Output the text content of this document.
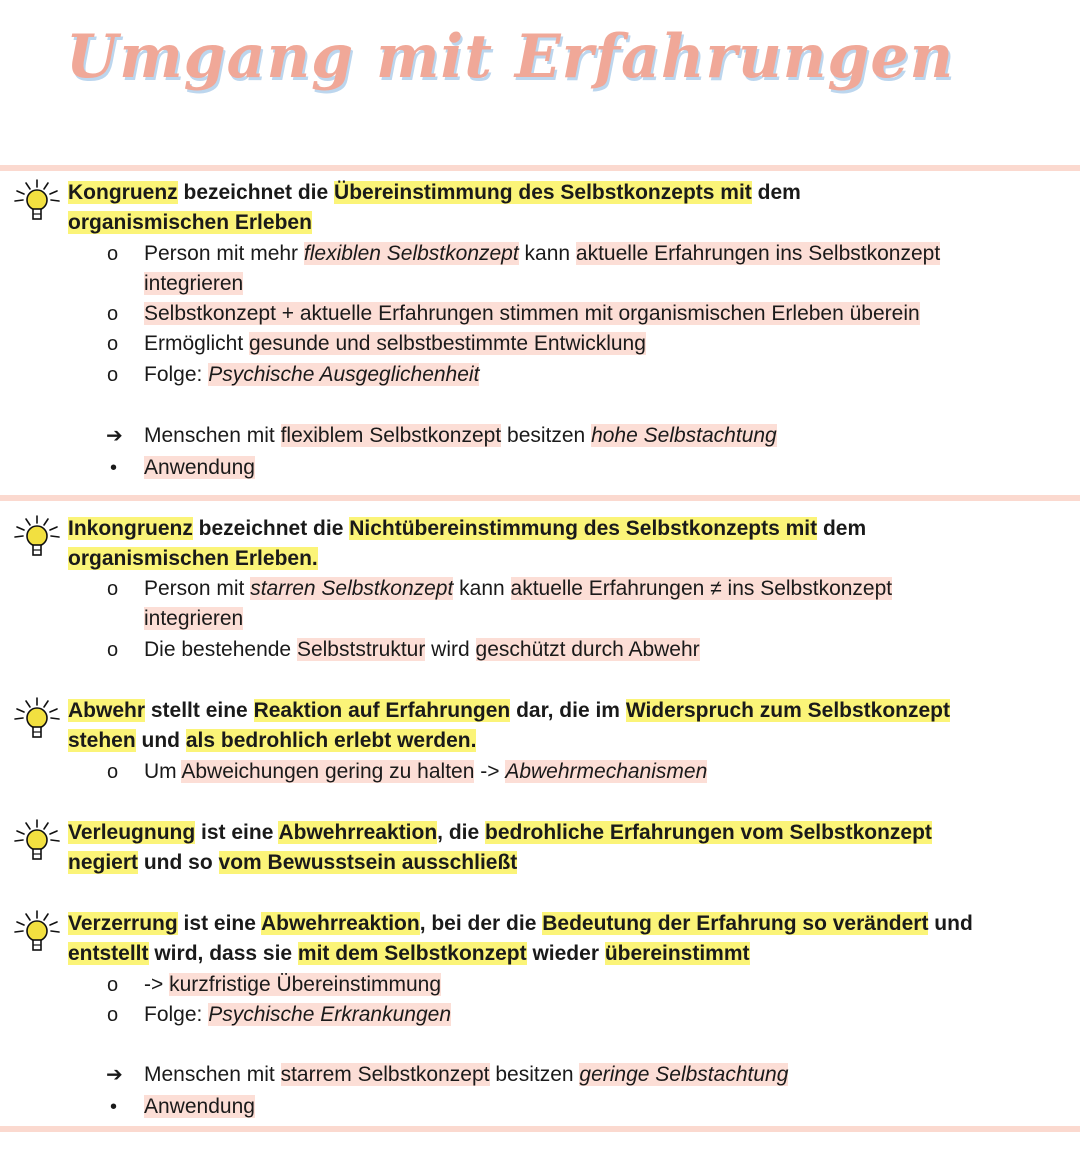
Umgang mit Erfahrungen
Kongruenz bezeichnet die Übereinstimmung des Selbstkonzepts mit dem
organismischen Erleben
o Person mit mehr flexiblen Selbstkonzept kann aktuelle Erfahrungen ins Selbstkonzept
integrieren
o Selbstkonzept + aktuelle Erfahrungen stimmen mit organismischen Erleben überein
o Ermöglicht gesunde und selbstbestimmte Entwicklung
o Folge: Psychische Ausgeglichenheit
➔ Menschen mit flexiblem Selbstkonzept besitzen hohe Selbstachtung
• Anwendung
Inkongruenz bezeichnet die Nichtübereinstimmung des Selbstkonzepts mit dem
organismischen Erleben.
o Person mit starren Selbstkonzept kann aktuelle Erfahrungen ≠ ins Selbstkonzept
integrieren
o Die bestehende Selbststruktur wird geschützt durch Abwehr
Abwehr stellt eine Reaktion auf Erfahrungen dar, die im Widerspruch zum Selbstkonzept
stehen und als bedrohlich erlebt werden.
o Um Abweichungen gering zu halten -> Abwehrmechanismen
Verleugnung ist eine Abwehrreaktion, die bedrohliche Erfahrungen vom Selbstkonzept
negiert und so vom Bewusstsein ausschließt
Verzerrung ist eine Abwehrreaktion, bei der die Bedeutung der Erfahrung so verändert und
entstellt wird, dass sie mit dem Selbstkonzept wieder übereinstimmt
o -> kurzfristige Übereinstimmung
o Folge: Psychische Erkrankungen
➔ Menschen mit starrem Selbstkonzept besitzen geringe Selbstachtung
• Anwendung
